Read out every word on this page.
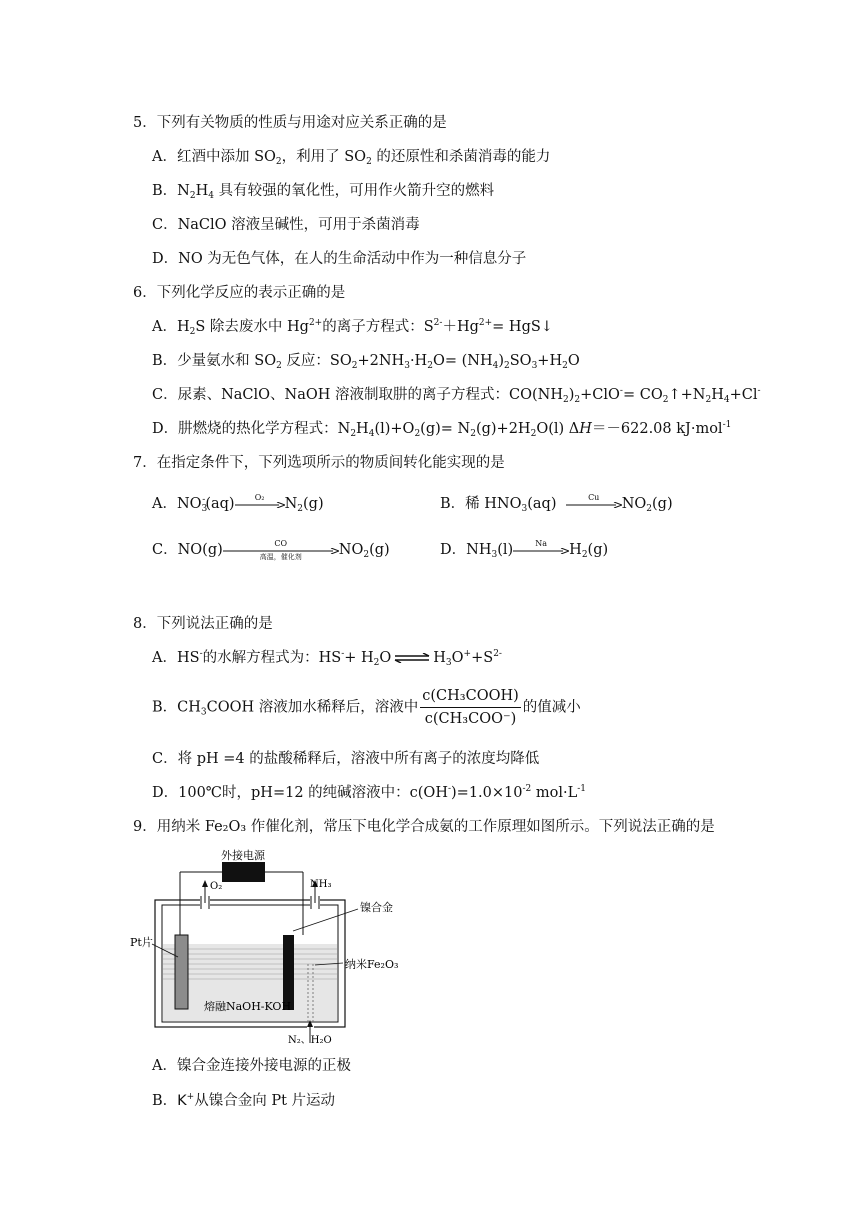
5．下列有关物质的性质与用途对应关系正确的是
A．红酒中添加 $SO_2$，利用了 $SO_2$ 的还原性和杀菌消毒的能力
B．$N_2H_4$ 具有较强的氧化性，可用作火箭升空的燃料
C．NaClO 溶液呈碱性，可用于杀菌消毒
D．NO 为无色气体，在人的生命活动中作为一种信息分子
6．下列化学反应的表示正确的是
A．$H_2S$ 除去废水中 $Hg^{2+}$的离子方程式：$S^{2-}+Hg^{2+}=$ HgS↓
B．少量氨水和 $SO_2$ 反应：$SO_2+2NH_3\cdot H_2O= (NH_4)_2SO_3+H_2O$
C．尿素、NaClO、NaOH 溶液制取肼的离子方程式：$CO(NH_2)_2+ClO^-=$ $CO_2↑+N_2H_4+Cl^-$
D．肼燃烧的热化学方程式：$N_2H_4(l)+O_2(g)= N_2(g)+2H_2O(l)$ ΔH＝－622.08 kJ·mol$^{-1}$
7．在指定条件下，下列选项所示的物质间转化能实现的是
A．$NO_3^-(aq)$	O₂	$N_2(g)$	B．稀 $HNO_3(aq)$	Cu	$NO_2(g)$
C．NO(g)	CO
高温，催化剂	$NO_2(g)$	D．$NH_3(l)$	Na	$H_2(g)$
8．下列说法正确的是
A．HS-的水解方程式为：$HS^-+ H_2O$ ⇌ $H_3O^++S^{2-}$
B．$CH_3COOH$ 溶液加水稀释后，溶液中 $\frac{\text{c(CH₃COOH)}}{\text{c(CH₃COO⁻)}}$ 的值减小
C．将 pH =4 的盐酸稀释后，溶液中所有离子的浓度均降低
D．100℃时，pH=12 的纯碱溶液中：$c(OH^-)=1.0\times 10^{-2}$ $mol\cdot L^{-1}$
9．用纳米 Fe₂O₃ 作催化剂，常压下电化学合成氨的工作原理如图所示。下列说法正确的是
外接电源
O₂	NH₃
N₂、H₂O
Pt片
镍合金
纳米Fe₂O₃
熔融NaOH-KOH
A．镍合金连接外接电源的正极
B．K+从镍合金向 Pt 片运动
